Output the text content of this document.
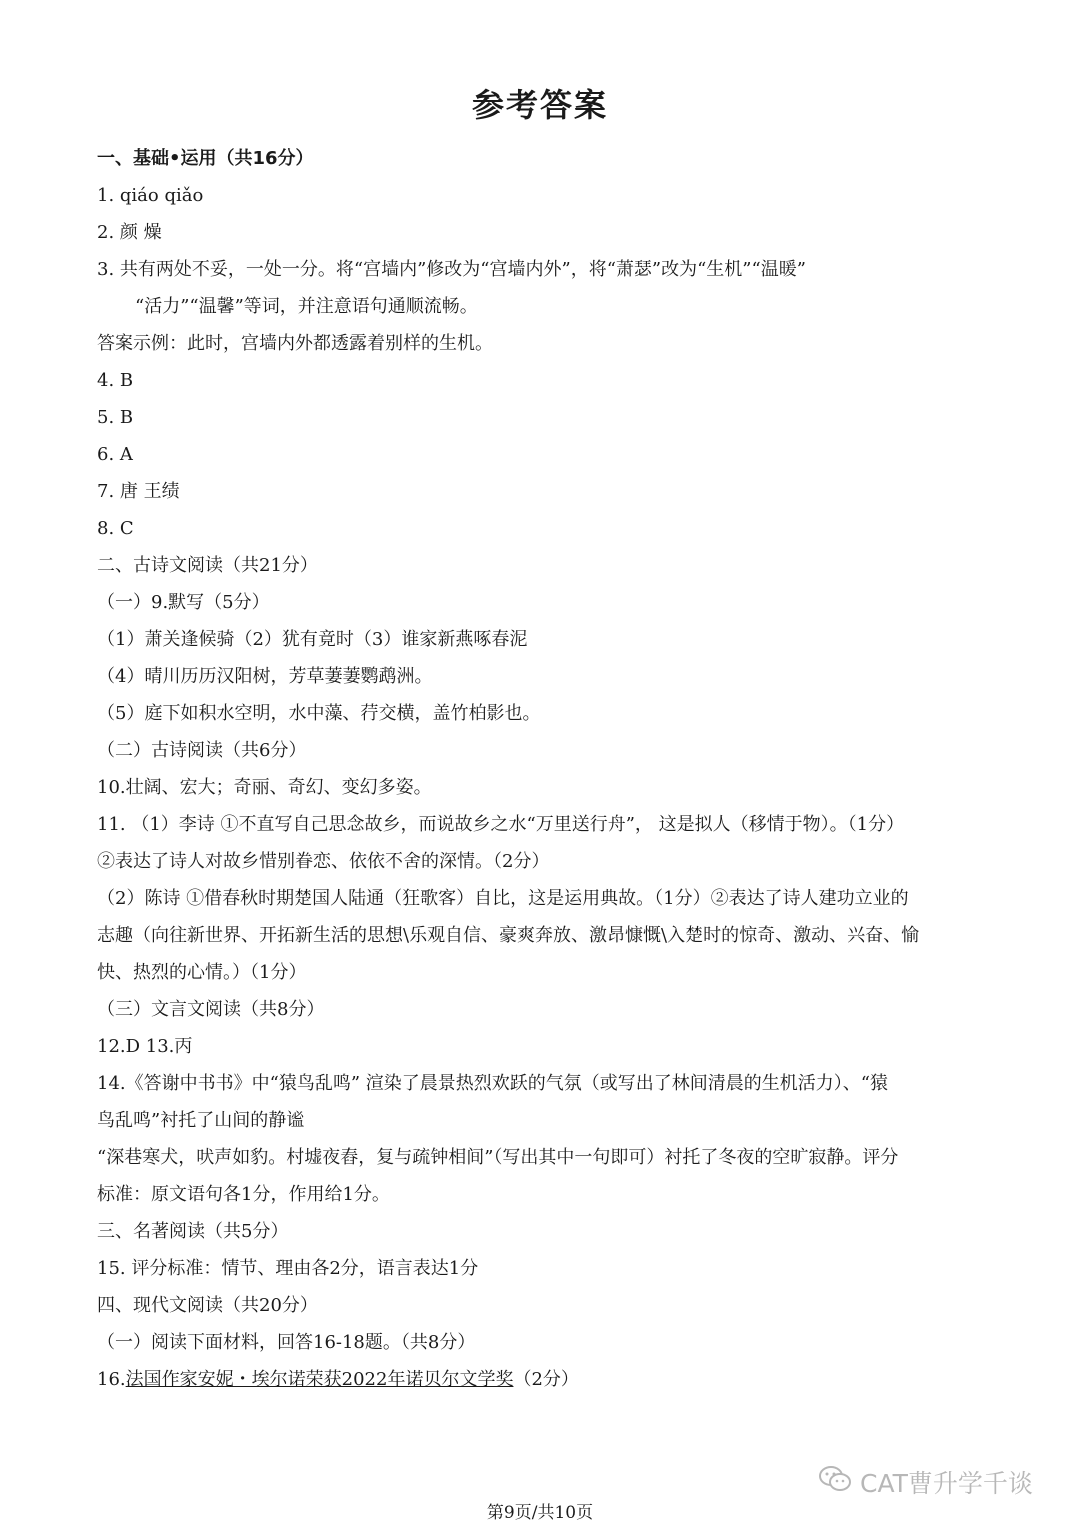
参考答案
一、基础•运用（共16分）
1. qiáo qiǎo
2. 颜 燥
3. 共有两处不妥，一处一分。将“宫墙内”修改为“宫墙内外”，将“萧瑟”改为“生机”“温暖”
“活力”“温馨”等词，并注意语句通顺流畅。
答案示例：此时，宫墙内外都透露着别样的生机。
4. B
5. B
6. A
7. 唐 王绩
8. C
二、古诗文阅读（共21分）
（一）9.默写（5分）
（1）萧关逢候骑（2）犹有竟时（3）谁家新燕啄春泥
（4）晴川历历汉阳树，芳草萋萋鹦鹉洲。
（5）庭下如积水空明，水中藻、荇交横，盖竹柏影也。
（二）古诗阅读（共6分）
10.壮阔、宏大；奇丽、奇幻、变幻多姿。
11. （1）李诗 ①不直写自己思念故乡，而说故乡之水“万里送行舟”， 这是拟人（移情于物）。（1分）
②表达了诗人对故乡惜别眷恋、依依不舍的深情。（2分）
（2）陈诗 ①借春秋时期楚国人陆通（狂歌客）自比，这是运用典故。（1分）②表达了诗人建功立业的
志趣（向往新世界、开拓新生活的思想\乐观自信、豪爽奔放、激昂慷慨\入楚时的惊奇、激动、兴奋、愉
快、热烈的心情。）（1分）
（三）文言文阅读（共8分）
12.D 13.丙
14.《答谢中书书》中“猿鸟乱鸣” 渲染了晨景热烈欢跃的气氛（或写出了林间清晨的生机活力）、“猿
鸟乱鸣”衬托了山间的静谧
“深巷寒犬，吠声如豹。村墟夜舂，复与疏钟相间”（写出其中一句即可）衬托了冬夜的空旷寂静。评分
标准：原文语句各1分，作用给1分。
三、名著阅读（共5分）
15. 评分标准：情节、理由各2分，语言表达1分
四、现代文阅读（共20分）
（一）阅读下面材料，回答16-18题。（共8分）
16.法国作家安妮・埃尔诺荣获2022年诺贝尔文学奖（2分）
CAT曹升学千谈
第9页/共10页
